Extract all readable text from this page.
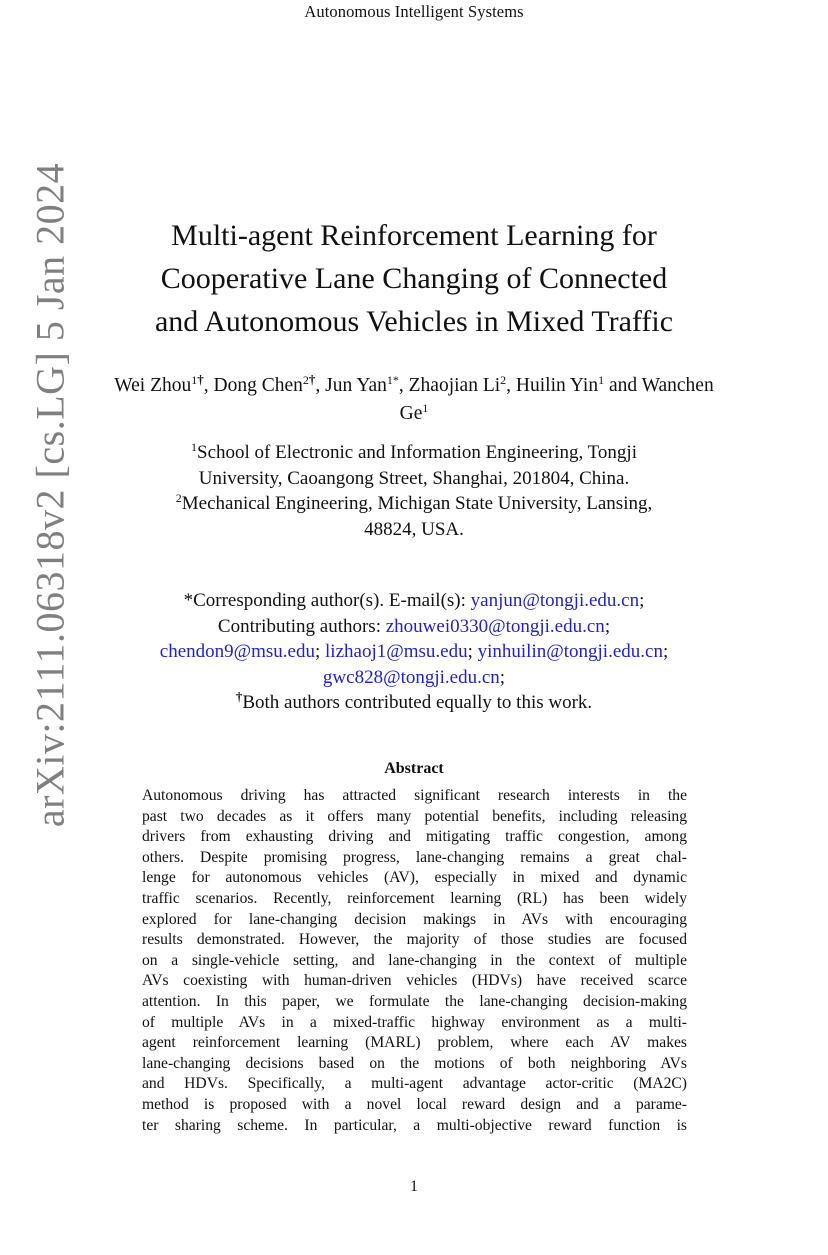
Autonomous Intelligent Systems
arXiv:2111.06318v2 [cs.LG] 5 Jan 2024	Multi-agent Reinforcement Learning for
Cooperative Lane Changing of Connected
and Autonomous Vehicles in Mixed Traffic
Wei Zhou$^{1\dagger}$, Dong Chen$^{2\dagger}$, Jun Yan$^{1*}$, Zhaojian Li$^2$, Huilin Yin$^1$ and Wanchen Ge$^1$
$^1$School of Electronic and Information Engineering, Tongji
University, Caoangong Street, Shanghai, 201804, China.
$^2$Mechanical Engineering, Michigan State University, Lansing,
48824, USA.
*Corresponding author(s). E-mail(s): yanjun@tongji.edu.cn;
Contributing authors: zhouwei0330@tongji.edu.cn;
chendon9@msu.edu; lizhaoj1@msu.edu; yinhuilin@tongji.edu.cn;
gwc828@tongji.edu.cn;
†Both authors contributed equally to this work.
Abstract
Autonomous driving has attracted significant research interests in the
past two decades as it offers many potential benefits, including releasing
drivers from exhausting driving and mitigating traffic congestion, among
others. Despite promising progress, lane-changing remains a great chal-
lenge for autonomous vehicles (AV), especially in mixed and dynamic
traffic scenarios. Recently, reinforcement learning (RL) has been widely
explored for lane-changing decision makings in AVs with encouraging
results demonstrated. However, the majority of those studies are focused
on a single-vehicle setting, and lane-changing in the context of multiple
AVs coexisting with human-driven vehicles (HDVs) have received scarce
attention. In this paper, we formulate the lane-changing decision-making
of multiple AVs in a mixed-traffic highway environment as a multi-
agent reinforcement learning (MARL) problem, where each AV makes
lane-changing decisions based on the motions of both neighboring AVs
and HDVs. Specifically, a multi-agent advantage actor-critic (MA2C)
method is proposed with a novel local reward design and a parame-
ter sharing scheme. In particular, a multi-objective reward function is
1
